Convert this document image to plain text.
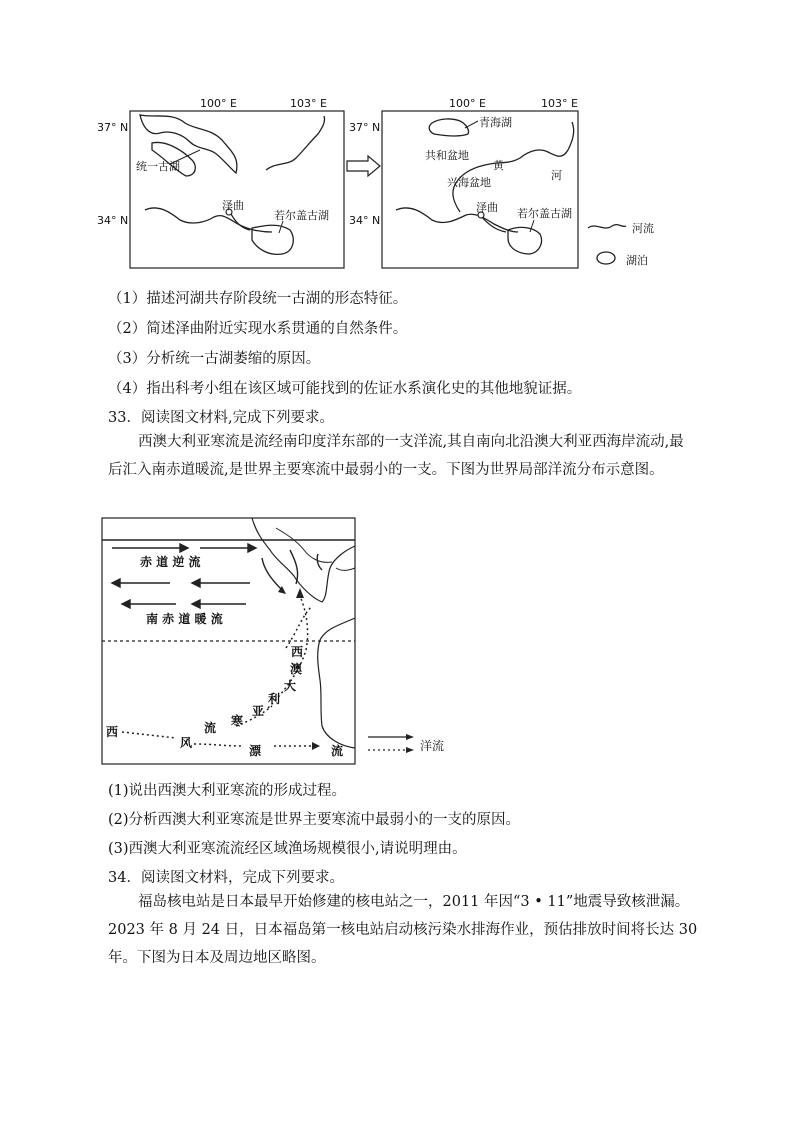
100° E	103° E
37° N
34° N
100° E	103° E
37° N
34° N
统一古湖
泽曲
若尔盖古湖
青海湖
共和盆地
兴海盆地
黄
河
泽曲 若尔盖古湖
河流
湖泊
（1）描述河湖共存阶段统一古湖的形态特征。
（2）简述泽曲附近实现水系贯通的自然条件。
（3）分析统一古湖萎缩的原因。
（4）指出科考小组在该区域可能找到的佐证水系演化史的其他地貌证据。
33．阅读图文材料,完成下列要求。
西澳大利亚寒流是流经南印度洋东部的一支洋流,其自南向北沿澳大利亚西海岸流动,最后汇入南赤道暖流,是世界主要寒流中最弱小的一支。下图为世界局部洋流分布示意图。
赤 道 逆 流
南 赤 道 暖 流
西
澳
大
利
亚
寒
流
西
风
漂	流	洋流
(1)说出西澳大利亚寒流的形成过程。
(2)分析西澳大利亚寒流是世界主要寒流中最弱小的一支的原因。
(3)西澳大利亚寒流流经区域渔场规模很小,请说明理由。
34．阅读图文材料，完成下列要求。
福岛核电站是日本最早开始修建的核电站之一，2011 年因“3 • 11”地震导致核泄漏。2023 年 8 月 24 日，日本福岛第一核电站启动核污染水排海作业，预估排放时间将长达 30 年。下图为日本及周边地区略图。
